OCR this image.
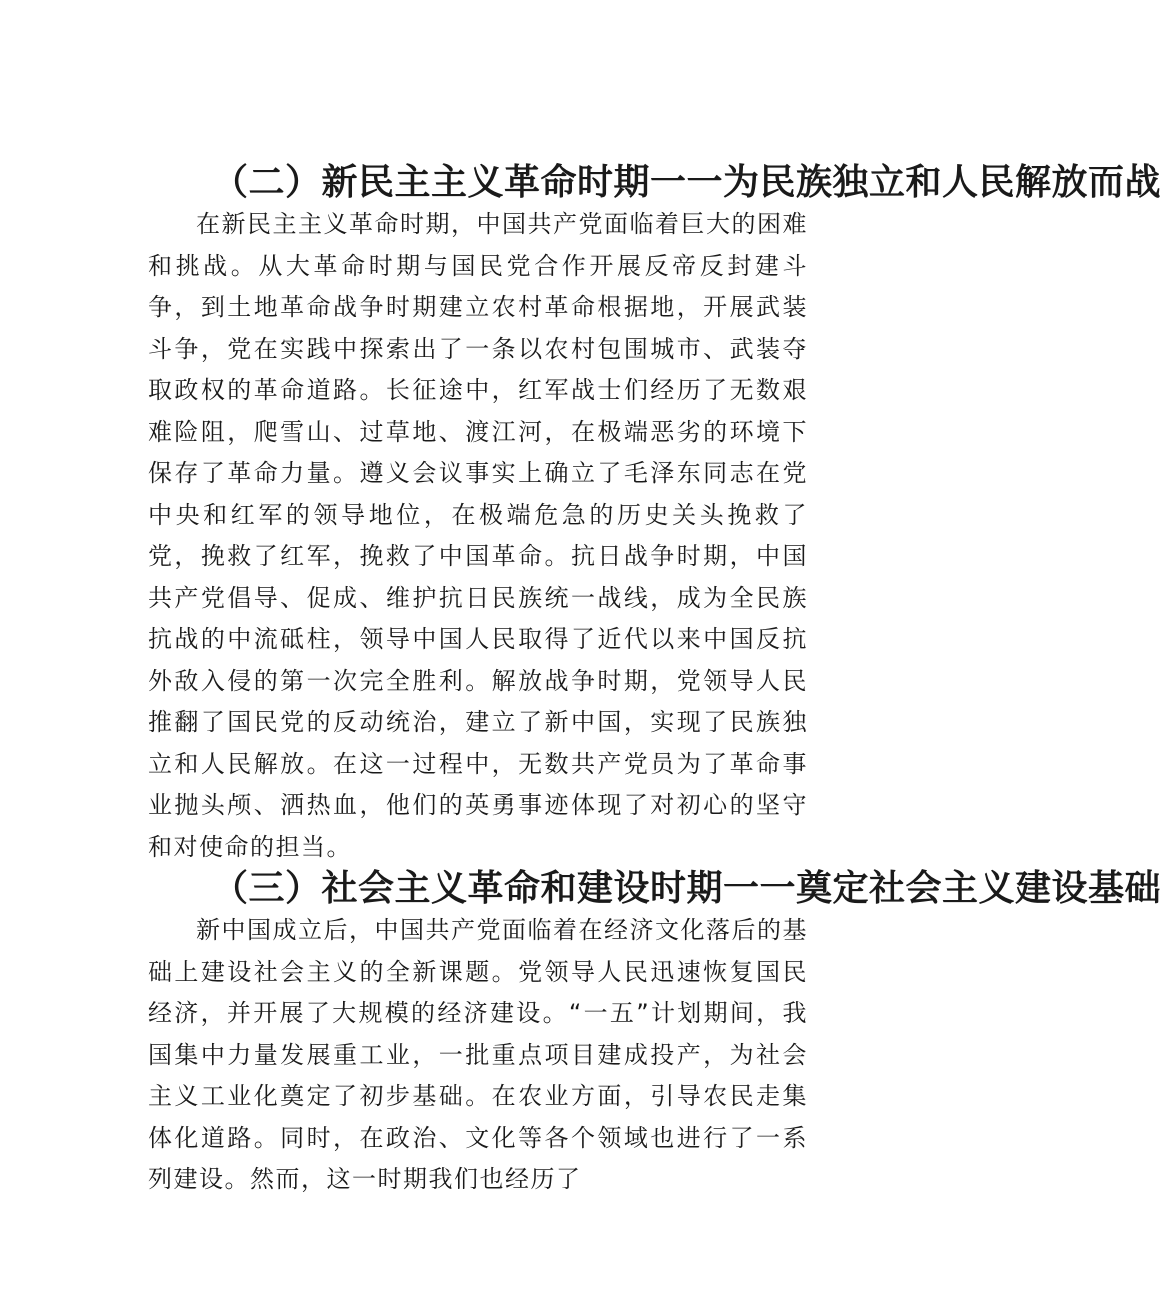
（二）新民主主义革命时期一一为民族独立和人民解放而战

在新民主主义革命时期，中国共产党面临着巨大的困难和挑战。从大革命时期与国民党合作开展反帝反封建斗争，到土地革命战争时期建立农村革命根据地，开展武装斗争，党在实践中探索出了一条以农村包围城市、武装夺取政权的革命道路。长征途中，红军战士们经历了无数艰难险阻，爬雪山、过草地、渡江河，在极端恶劣的环境下保存了革命力量。遵义会议事实上确立了毛泽东同志在党中央和红军的领导地位，在极端危急的历史关头挽救了党，挽救了红军，挽救了中国革命。抗日战争时期，中国共产党倡导、促成、维护抗日民族统一战线，成为全民族抗战的中流砥柱，领导中国人民取得了近代以来中国反抗外敌入侵的第一次完全胜利。解放战争时期，党领导人民推翻了国民党的反动统治，建立了新中国，实现了民族独立和人民解放。在这一过程中，无数共产党员为了革命事业抛头颅、洒热血，他们的英勇事迹体现了对初心的坚守和对使命的担当。

（三）社会主义革命和建设时期一一奠定社会主义建设基础

新中国成立后，中国共产党面临着在经济文化落后的基础上建设社会主义的全新课题。党领导人民迅速恢复国民经济，并开展了大规模的经济建设。“一五”计划期间，我国集中力量发展重工业，一批重点项目建成投产，为社会主义工业化奠定了初步基础。在农业方面，引导农民走集体化道路。同时，在政治、文化等各个领域也进行了一系列建设。然而，这一时期我们也经历了
